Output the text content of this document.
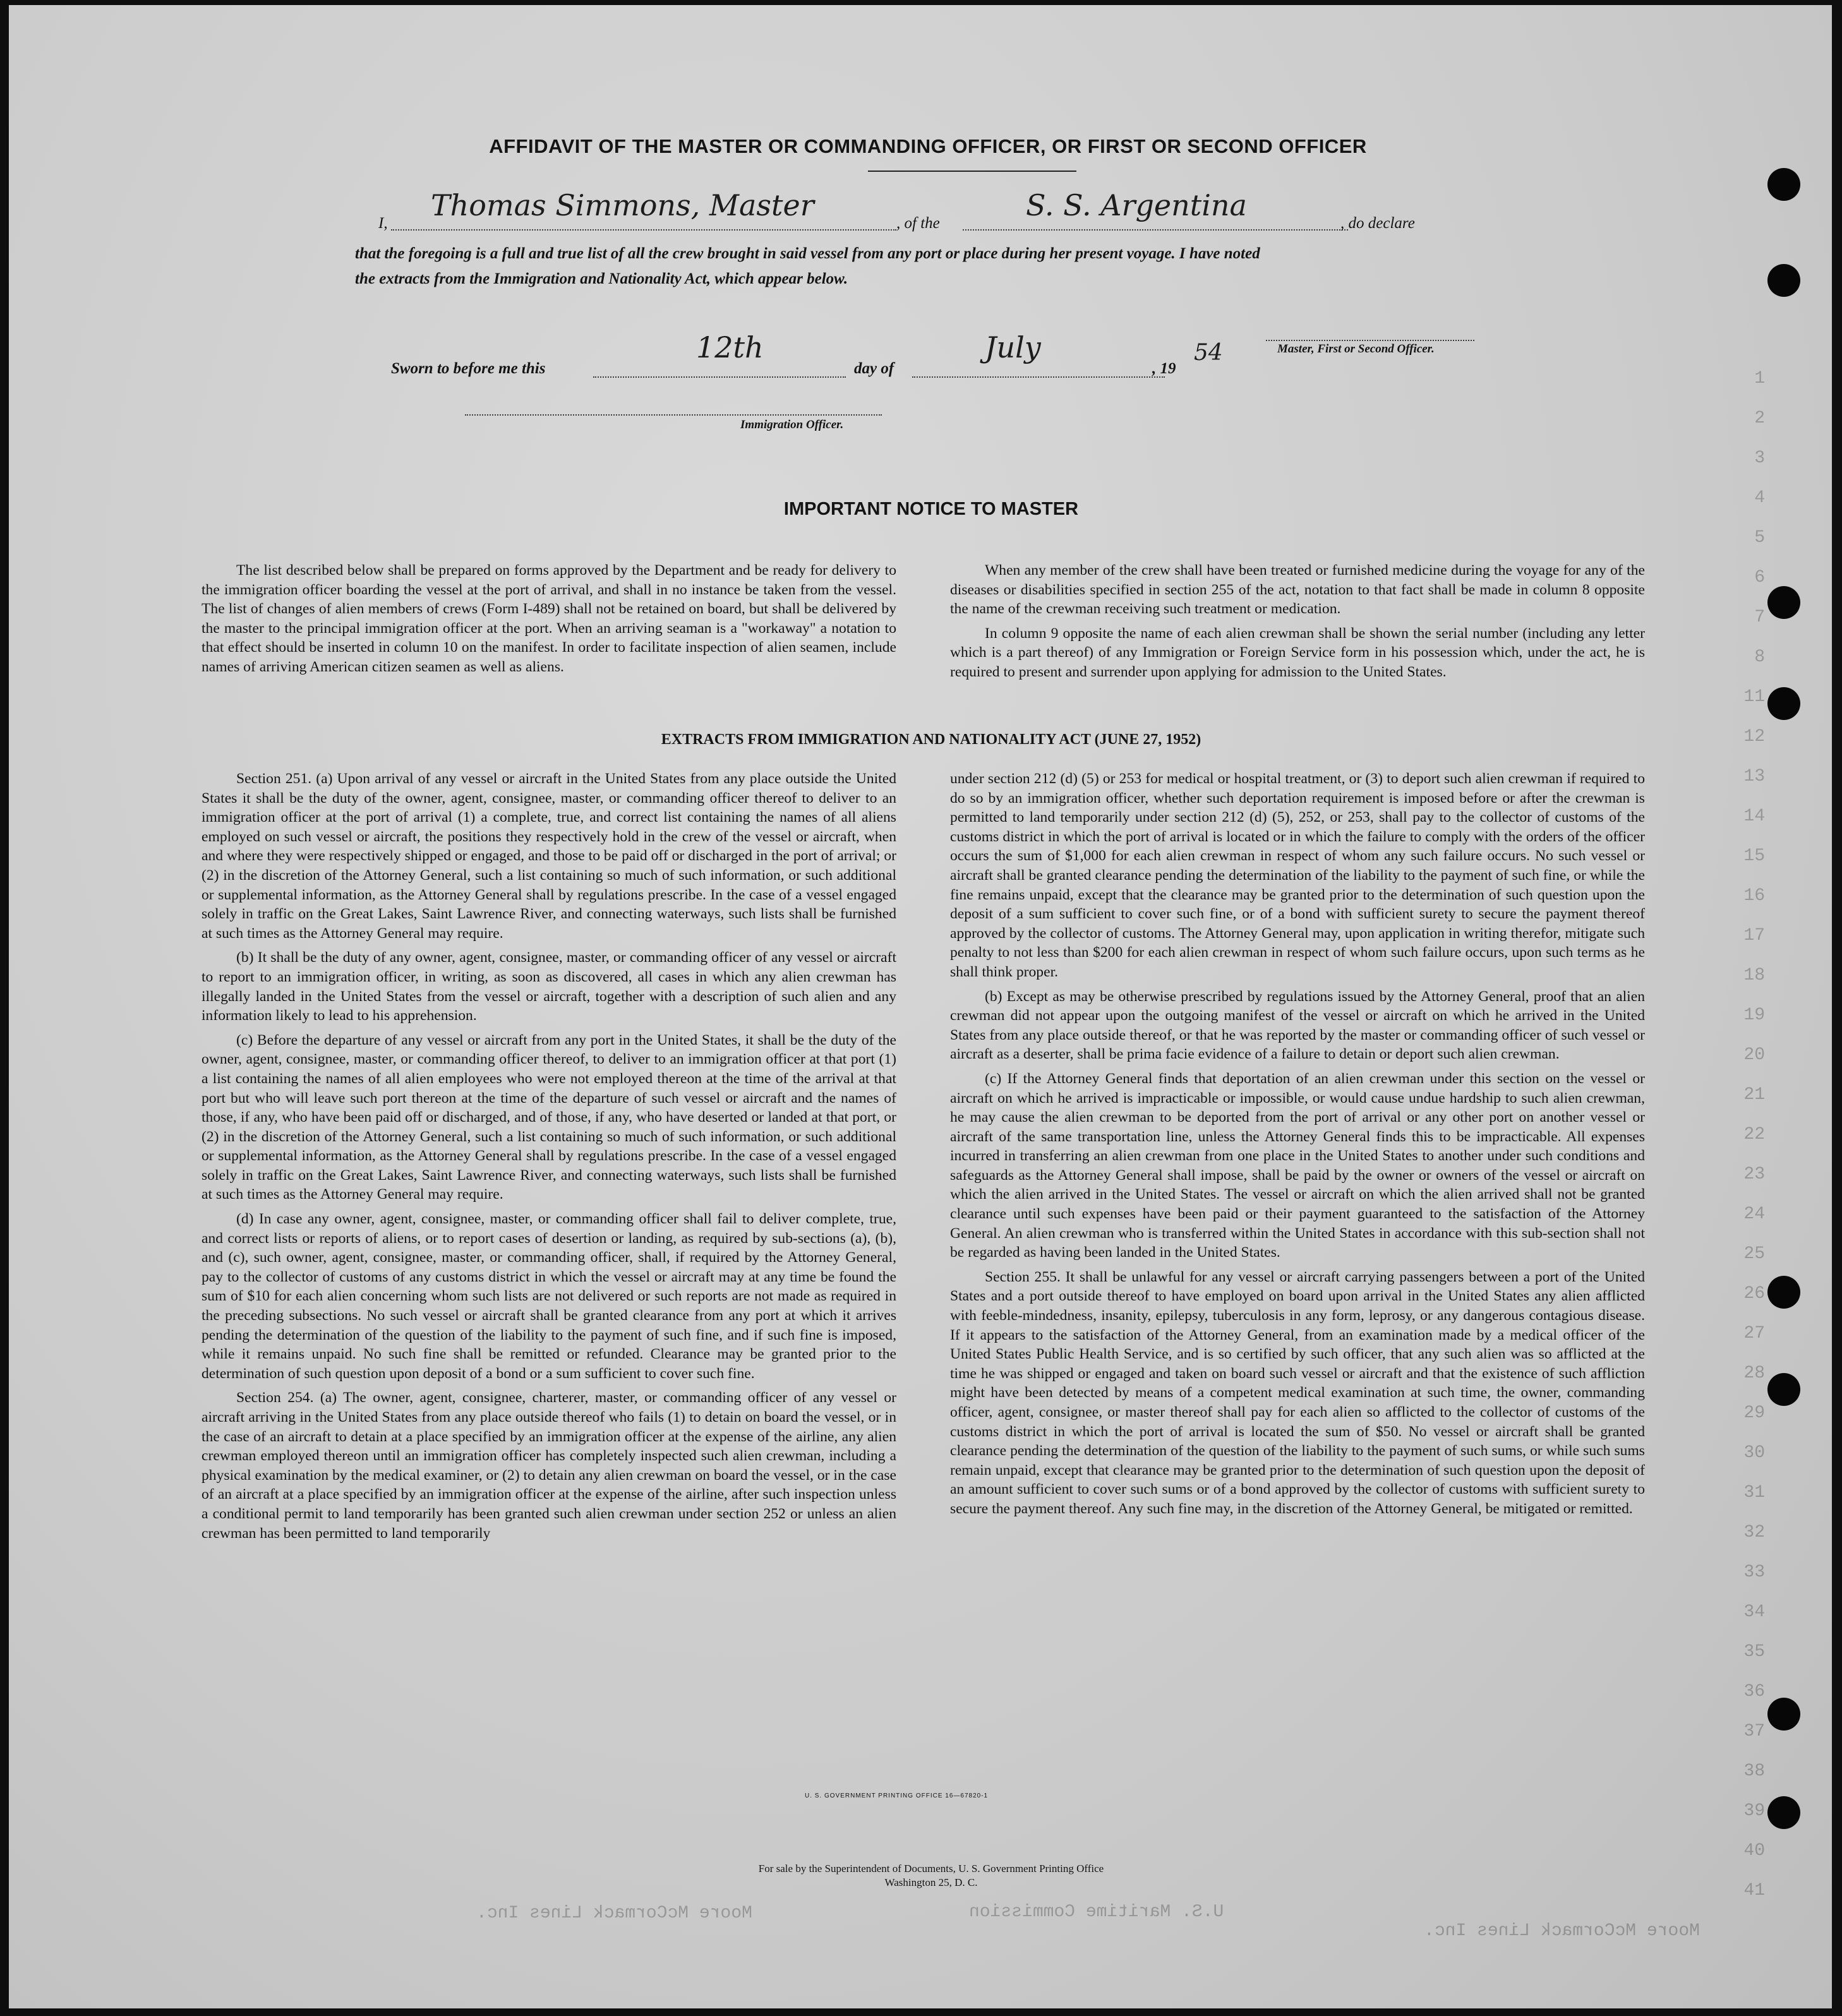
1
2
3
4
5
6
7
8
11
12
13
14
15
16
17
18
19
20
21
22
23
24
25
26
27
28
29
30
31
32
33
34
35
36
37
38
39
40
41
Moore McCormack Lines Inc.
U.S. Maritime Commission
Moore McCormack Lines Inc.
AFFIDAVIT OF THE MASTER OR COMMANDING OFFICER, OR FIRST OR SECOND OFFICER
I,
Thomas Simmons, Master
, of the
S. S. Argentina
, do declare
that the foregoing is a full and true list of all the crew brought in said vessel from any port or place during her present voyage. I have noted
the extracts from the Immigration and Nationality Act, which appear below.
Master, First or Second Officer.
Sworn to before me this
12th
day of
July
, 19
54
Immigration Officer.
IMPORTANT NOTICE TO MASTER

The list described below shall be prepared on forms approved by the Department and be ready for delivery to the immigration officer boarding the vessel at the port of arrival, and shall in no instance be taken from the vessel. The list of changes of alien members of crews (Form I-489) shall not be retained on board, but shall be delivered by the master to the principal immigration officer at the port. When an arriving seaman is a "workaway" a notation to that effect should be inserted in column 10 on the manifest. In order to facilitate inspection of alien seamen, include names of arriving American citizen seamen as well as aliens.

When any member of the crew shall have been treated or furnished medicine during the voyage for any of the diseases or disabilities specified in section 255 of the act, notation to that fact shall be made in column 8 opposite the name of the crewman receiving such treatment or medication.

In column 9 opposite the name of each alien crewman shall be shown the serial number (including any letter which is a part thereof) of any Immigration or Foreign Service form in his possession which, under the act, he is required to present and surrender upon applying for admission to the United States.

EXTRACTS FROM IMMIGRATION AND NATIONALITY ACT (JUNE 27, 1952)

Section 251. (a) Upon arrival of any vessel or aircraft in the United States from any place outside the United States it shall be the duty of the owner, agent, consignee, master, or commanding officer thereof to deliver to an immigration officer at the port of arrival (1) a complete, true, and correct list containing the names of all aliens employed on such vessel or aircraft, the positions they respectively hold in the crew of the vessel or aircraft, when and where they were respectively shipped or engaged, and those to be paid off or discharged in the port of arrival; or (2) in the discretion of the Attorney General, such a list containing so much of such information, or such additional or supplemental information, as the Attorney General shall by regulations prescribe. In the case of a vessel engaged solely in traffic on the Great Lakes, Saint Lawrence River, and connecting waterways, such lists shall be furnished at such times as the Attorney General may require.

(b) It shall be the duty of any owner, agent, consignee, master, or commanding officer of any vessel or aircraft to report to an immigration officer, in writing, as soon as discovered, all cases in which any alien crewman has illegally landed in the United States from the vessel or aircraft, together with a description of such alien and any information likely to lead to his apprehension.

(c) Before the departure of any vessel or aircraft from any port in the United States, it shall be the duty of the owner, agent, consignee, master, or commanding officer thereof, to deliver to an immigration officer at that port (1) a list containing the names of all alien employees who were not employed thereon at the time of the arrival at that port but who will leave such port thereon at the time of the departure of such vessel or aircraft and the names of those, if any, who have been paid off or discharged, and of those, if any, who have deserted or landed at that port, or (2) in the discretion of the Attorney General, such a list containing so much of such information, or such additional or supplemental information, as the Attorney General shall by regulations prescribe. In the case of a vessel engaged solely in traffic on the Great Lakes, Saint Lawrence River, and connecting waterways, such lists shall be furnished at such times as the Attorney General may require.

(d) In case any owner, agent, consignee, master, or commanding officer shall fail to deliver complete, true, and correct lists or reports of aliens, or to report cases of desertion or landing, as required by sub-sections (a), (b), and (c), such owner, agent, consignee, master, or commanding officer, shall, if required by the Attorney General, pay to the collector of customs of any customs district in which the vessel or aircraft may at any time be found the sum of $10 for each alien concerning whom such lists are not delivered or such reports are not made as required in the preceding subsections. No such vessel or aircraft shall be granted clearance from any port at which it arrives pending the determination of the question of the liability to the payment of such fine, and if such fine is imposed, while it remains unpaid. No such fine shall be remitted or refunded. Clearance may be granted prior to the determination of such question upon deposit of a bond or a sum sufficient to cover such fine.

Section 254. (a) The owner, agent, consignee, charterer, master, or commanding officer of any vessel or aircraft arriving in the United States from any place outside thereof who fails (1) to detain on board the vessel, or in the case of an aircraft to detain at a place specified by an immigration officer at the expense of the airline, any alien crewman employed thereon until an immigration officer has completely inspected such alien crewman, including a physical examination by the medical examiner, or (2) to detain any alien crewman on board the vessel, or in the case of an aircraft at a place specified by an immigration officer at the expense of the airline, after such inspection unless a conditional permit to land temporarily has been granted such alien crewman under section 252 or unless an alien crewman has been permitted to land temporarily

under section 212 (d) (5) or 253 for medical or hospital treatment, or (3) to deport such alien crewman if required to do so by an immigration officer, whether such deportation requirement is imposed before or after the crewman is permitted to land temporarily under section 212 (d) (5), 252, or 253, shall pay to the collector of customs of the customs district in which the port of arrival is located or in which the failure to comply with the orders of the officer occurs the sum of $1,000 for each alien crewman in respect of whom any such failure occurs. No such vessel or aircraft shall be granted clearance pending the determination of the liability to the payment of such fine, or while the fine remains unpaid, except that the clearance may be granted prior to the determination of such question upon the deposit of a sum sufficient to cover such fine, or of a bond with sufficient surety to secure the payment thereof approved by the collector of customs. The Attorney General may, upon application in writing therefor, mitigate such penalty to not less than $200 for each alien crewman in respect of whom such failure occurs, upon such terms as he shall think proper.

(b) Except as may be otherwise prescribed by regulations issued by the Attorney General, proof that an alien crewman did not appear upon the outgoing manifest of the vessel or aircraft on which he arrived in the United States from any place outside thereof, or that he was reported by the master or commanding officer of such vessel or aircraft as a deserter, shall be prima facie evidence of a failure to detain or deport such alien crewman.

(c) If the Attorney General finds that deportation of an alien crewman under this section on the vessel or aircraft on which he arrived is impracticable or impossible, or would cause undue hardship to such alien crewman, he may cause the alien crewman to be deported from the port of arrival or any other port on another vessel or aircraft of the same transportation line, unless the Attorney General finds this to be impracticable. All expenses incurred in transferring an alien crewman from one place in the United States to another under such conditions and safeguards as the Attorney General shall impose, shall be paid by the owner or owners of the vessel or aircraft on which the alien arrived in the United States. The vessel or aircraft on which the alien arrived shall not be granted clearance until such expenses have been paid or their payment guaranteed to the satisfaction of the Attorney General. An alien crewman who is transferred within the United States in accordance with this sub-section shall not be regarded as having been landed in the United States.

Section 255. It shall be unlawful for any vessel or aircraft carrying passengers between a port of the United States and a port outside thereof to have employed on board upon arrival in the United States any alien afflicted with feeble-mindedness, insanity, epilepsy, tuberculosis in any form, leprosy, or any dangerous contagious disease. If it appears to the satisfaction of the Attorney General, from an examination made by a medical officer of the United States Public Health Service, and is so certified by such officer, that any such alien was so afflicted at the time he was shipped or engaged and taken on board such vessel or aircraft and that the existence of such affliction might have been detected by means of a competent medical examination at such time, the owner, commanding officer, agent, consignee, or master thereof shall pay for each alien so afflicted to the collector of customs of the customs district in which the port of arrival is located the sum of $50. No vessel or aircraft shall be granted clearance pending the determination of the question of the liability to the payment of such sums, or while such sums remain unpaid, except that clearance may be granted prior to the determination of such question upon the deposit of an amount sufficient to cover such sums or of a bond approved by the collector of customs with sufficient surety to secure the payment thereof. Any such fine may, in the discretion of the Attorney General, be mitigated or remitted.

U. S. GOVERNMENT PRINTING OFFICE 16—67820-1
For sale by the Superintendent of Documents, U. S. Government Printing Office
Washington 25, D. C.
